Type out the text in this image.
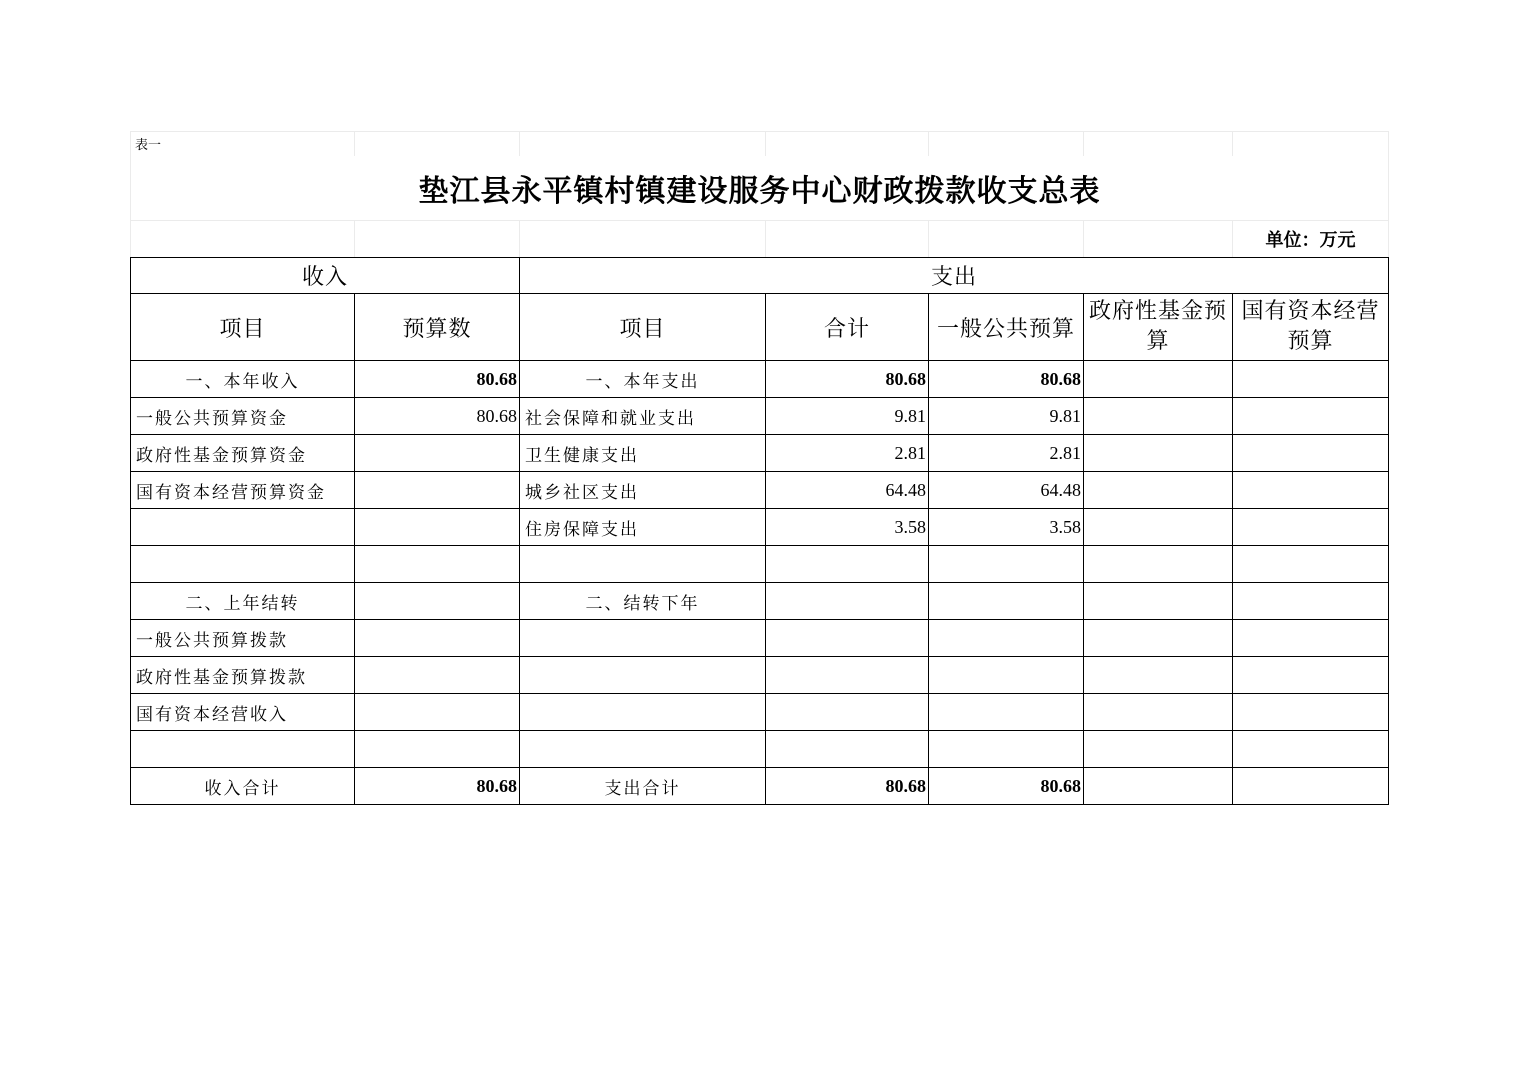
表一						
垫江县永平镇村镇建设服务中心财政拨款收支总表						
						单位：万元
收入		支出				
项目	预算数	项目	合计	一般公共预算	政府性基金预算	国有资本经营预算
一、本年收入	80.68	一、本年支出	80.68	80.68		
一般公共预算资金	80.68	社会保障和就业支出	9.81	9.81		
政府性基金预算资金		卫生健康支出	2.81	2.81		
国有资本经营预算资金		城乡社区支出	64.48	64.48		
		住房保障支出	3.58	3.58		

二、上年结转		二、结转下年				
一般公共预算拨款						
政府性基金预算拨款						
国有资本经营收入						

收入合计	80.68	支出合计	80.68	80.68		
